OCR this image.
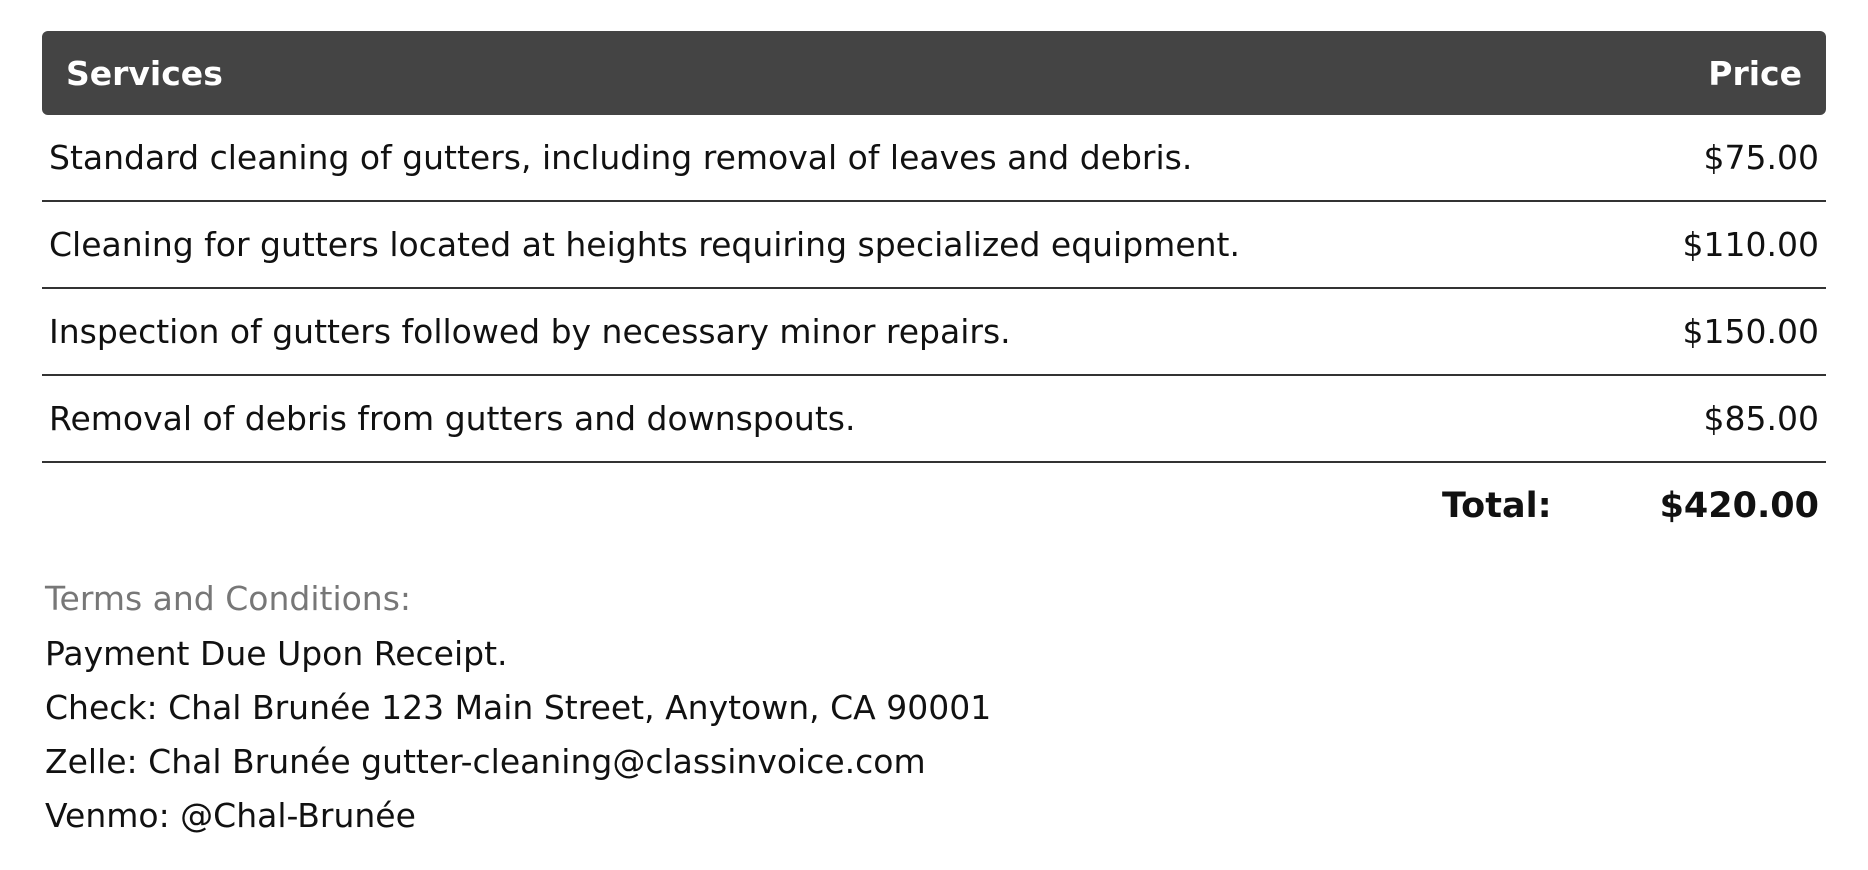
Services	Price
Standard cleaning of gutters, including removal of leaves and debris.	$75.00
Cleaning for gutters located at heights requiring specialized equipment.	$110.00
Inspection of gutters followed by necessary minor repairs.	$150.00
Removal of debris from gutters and downspouts.	$85.00
Total:	$420.00
Terms and Conditions:
Payment Due Upon Receipt.
Check: Chal Brunée 123 Main Street, Anytown, CA 90001
Zelle: Chal Brunée gutter-cleaning@classinvoice.com
Venmo: @Chal-Brunée
